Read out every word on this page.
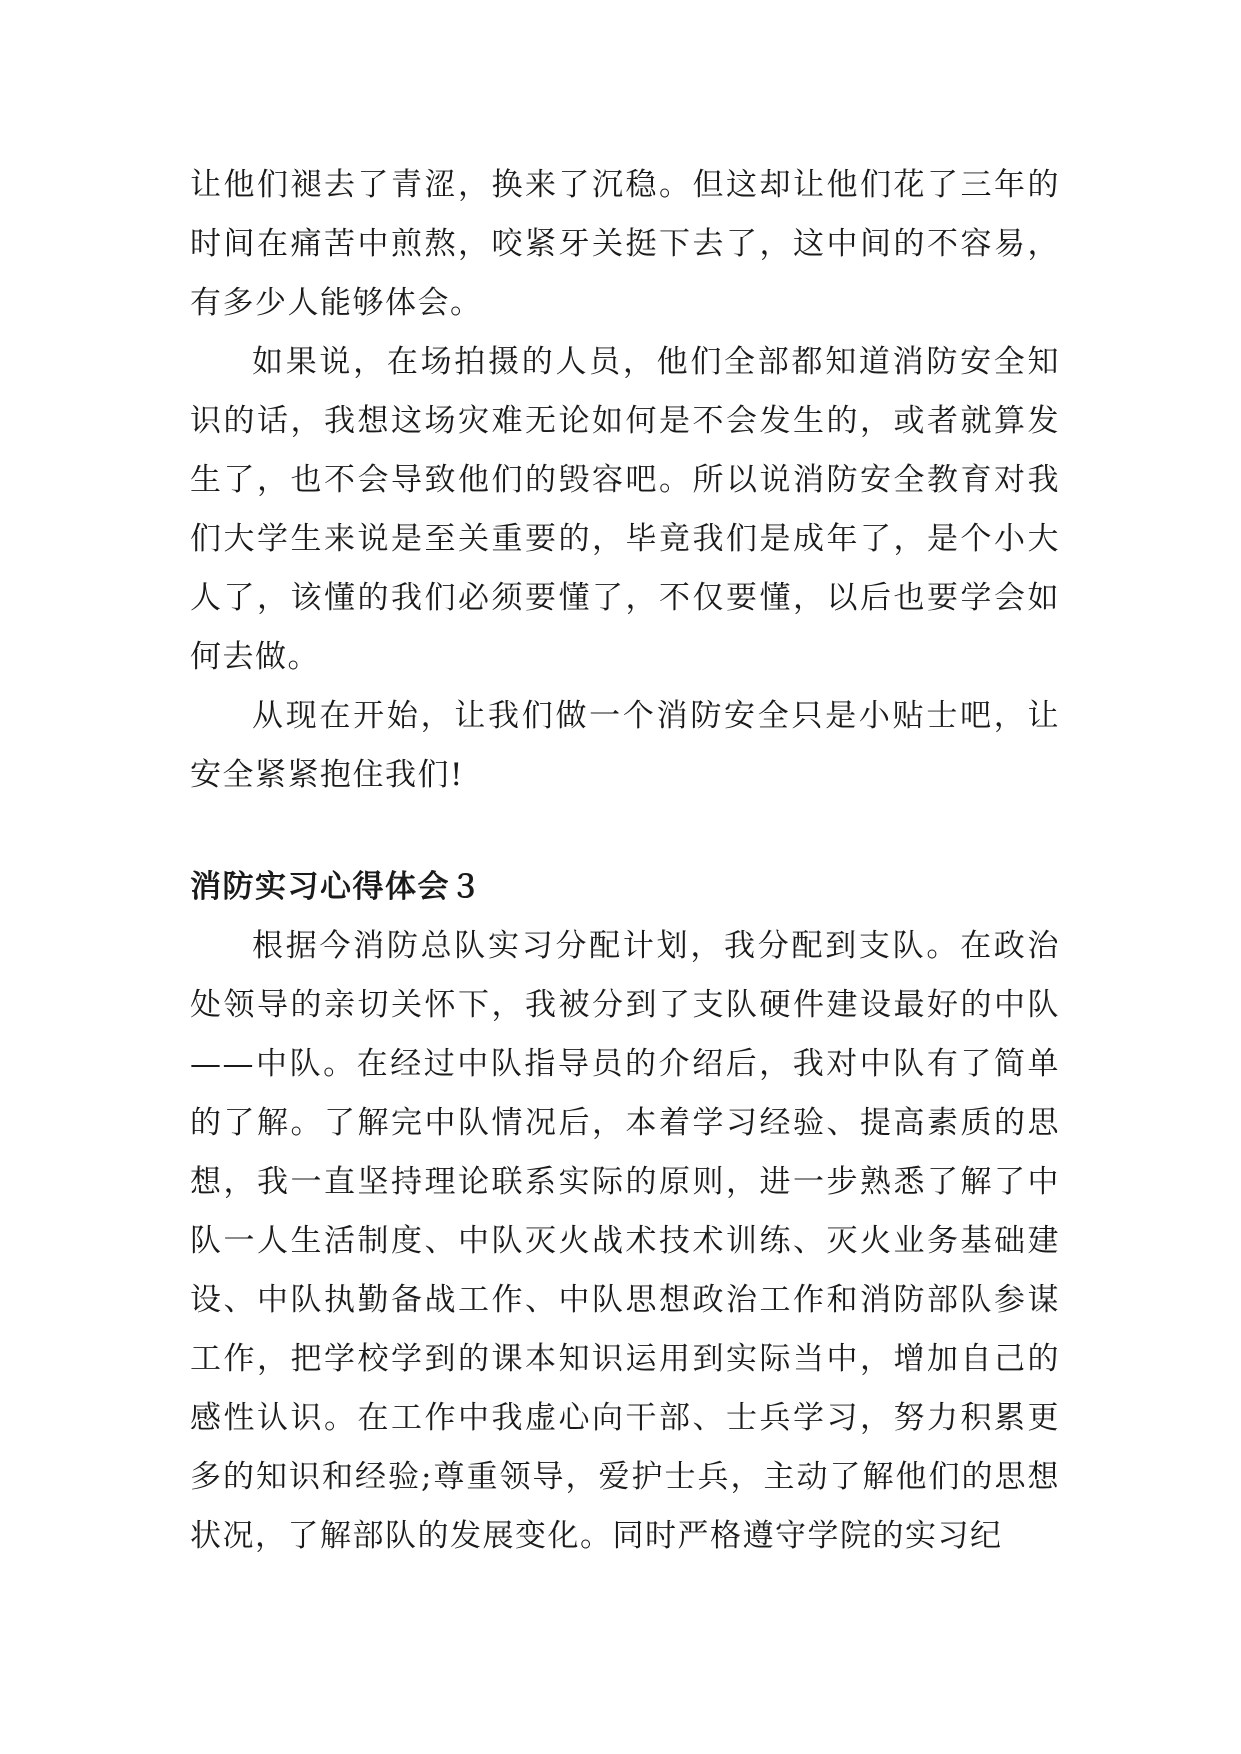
让他们褪去了青涩，换来了沉稳。但这却让他们花了三年的时间在痛苦中煎熬，咬紧牙关挺下去了，这中间的不容易，有多少人能够体会。

如果说，在场拍摄的人员，他们全部都知道消防安全知识的话，我想这场灾难无论如何是不会发生的，或者就算发生了，也不会导致他们的毁容吧。所以说消防安全教育对我们大学生来说是至关重要的，毕竟我们是成年了，是个小大人了，该懂的我们必须要懂了，不仅要懂，以后也要学会如何去做。

从现在开始，让我们做一个消防安全只是小贴士吧，让安全紧紧抱住我们!

消防实习心得体会３

根据今消防总队实习分配计划，我分配到支队。在政治处领导的亲切关怀下，我被分到了支队硬件建设最好的中队——中队。在经过中队指导员的介绍后，我对中队有了简单的了解。了解完中队情况后，本着学习经验、提高素质的思想，我一直坚持理论联系实际的原则，进一步熟悉了解了中队一人生活制度、中队灭火战术技术训练、灭火业务基础建设、中队执勤备战工作、中队思想政治工作和消防部队参谋工作，把学校学到的课本知识运用到实际当中，增加自己的感性认识。在工作中我虚心向干部、士兵学习，努力积累更多的知识和经验;尊重领导，爱护士兵，主动了解他们的思想状况，了解部队的发展变化。同时严格遵守学院的实习纪
